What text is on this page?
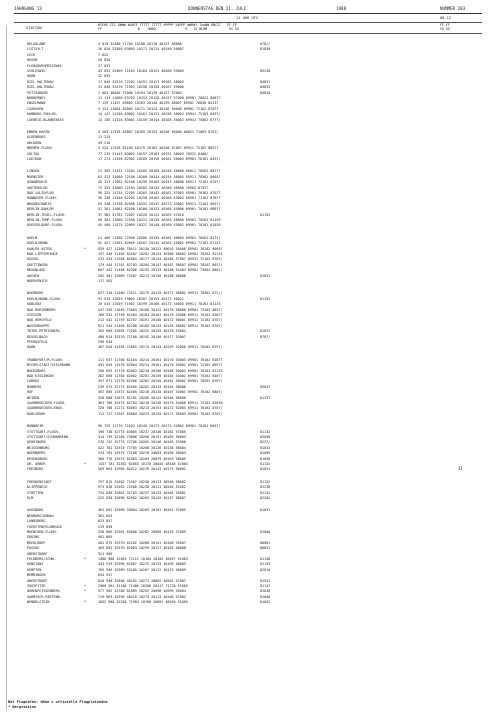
JAHRGANG 13	DONNERSTAG DEN 21. JULI	1988	NUMMER 203
12 UHR UTC	06-12
STATION
HIEHE III DWWW WOOFF TTTTT TTTTT HPPPP 5APPP WWRWY 7wwWW 8NCCC   FF-FF
FF                  W    HDDD               R   12 WLMM           VX GG
FF-FF
VX GG
HELGOLAND	4 015 32480 71704 10180 20110 40157 58008	678//
LISTSYLT	26 020 32580 63603 10171 20114 40156 56007	81830
LECK	7 022
HUSUM	20 026
FLENSBURGPREISWIK	27 033
SCHLESWIG	43 035 32569 72103 10184 20123 40160 59005	85230
HOHN	12 039
KIEL-HOLTENAU	17 045 32570 72202 10191 20123 40162 58005	84831
KIEL-HOLTENAU	31 046 32470 71903 10196 20150 40167 59006	84835
PUTTGARDEN	1 063 36040 72006 10194 20139 40157 57003	84810
NORDERNEY	11 113 11660 63703 10153 20128 40157 57008 69901 76022 86877
ENGELMANN	7 129 11457 63603 10163 20140 40159 58007 69901 76036 84137
CUXHAVEN	5 131 11664 83005 10171 20124 40146 56008 69901 72162 87077
HAMBURG-FUHLSB.	14 147 11256 83602 10161 20131 40158 56002 69941 75163 8497/
LUEBECK-BLANKENSEE	14 156 11310 83001 10159 20144 40166 56002 69941 75062 8777/
EMDEN-HAFEN	3 203 11318 83807 10165 20153 40158 56008 60021 71065 8767/
OLDENBURG	11 219
AHLHORN	49 216
BREMEN-FLUGH.	3 224 11328 82104 10179 20162 40158 57007 69911 72162 86577
SOLTAU	77 235 31445 83002 10197 20163 40152 58003 70522 8400/
LUECHOW	17 273 11356 82902 10209 20156 40162 56005 69901 70162 8497/
LINGEN	21 305 11432 72204 10205 20160 40156 56006 60011 70562 86277
MUENSTER	62 313 31660 72100 10200 20144 40154 56005 69911 70562 86037
OSNABRUECK	45 317 11962 82106 10199 20165 40153 58006 69911 72162 8707/
GUETERSLOH	72 323 31660 72104 10205 20132 40160 56006 70562 87537
BAD SALZUFLEN	98 325 11754 72205 10203 20142 40161 57003 69901 70162 87077
HANNOVER-FLUGH.	36 338 11440 82205 10190 20162 40160 53003 69901 71162 87877
BRAUNSCHWEIG	83 348 11750 82506 10192 20147 40173 53002 69911 72162 8657/
BERLIN-DAHLEM	51 381 11662 82208 10200 20133 40160 55006 69901 70162 88877
BERLIN-TEGEL-FLUGH.	37 382 32783 72407 10226 20124 40163 57010	81155
BERLIN-TEMP-FLUGH.	50 384 11660 72100 10221 20139 40165 58006 69901 70262 81159
DUESSELDORF-FLUGH.	45 400 11575 32009 10227 20140 40166 55002 69901 70162 81830
KOELN	21 406 11560 72508 10206 20155 40164 56005 69901 70562 8271/
KOELN/BONN	92 427 11563 82609 10207 20144 40165 55002 69901 72162 81153
KAHLER ASTEN	*	839 427 11366 78411 10150 20122 40610 55000 69901 70162 86657
BAD LIPPSPRINGE	157 430 11365 82507 10201 20124 40166 56002 69901 70262 81153
KASSEL	231 434 11958 82004 10177 20144 40166 57007 69931 72162 8707/
GOETTINGEN	179 444 11761 82703 10204 20147 40167 58007 69901 70262 8637/
BRAUNLAGE	607 452 11468 82306 10155 20133 40168 51003 69901 73062 8807/
AACHEN	202 501 32069 72307 10213 20150 40168 58006	81831
NOERVENICH	117 502
NUERBURG	627 510 11580 72511 10179 20119 40171 50002 69911 70362 872//
KOELN/BONN-FLUGH.	91 513 32659 79603 10207 20153 40172 50021	81152
KOBLENZ	70 515 11559 71901 10199 20166 40175 55005 69911 70162 81135
BAD MARIENBERG	547 526 11649 72004 10168 20122 40170 58006 69901 73162 8637/
GIESSEN	166 532 11750 81504 10184 20167 40176 53006 69911 70162 83077
BAD HERSFELD	212 542 11759 82707 10191 20150 40172 56001 69931 72162 8707/
WASSERKUPPE	921 544 11460 82208 10165 20143 40154 50002 69911 70162 8707/
TRIER-PETRISBERG	265 609 32665 72205 10222 20159 40176 53002	81637
DEUSELBACH	480 615 32570 72708 10192 20150 40177 52007	8707/
PFERDSFELD	296 626
HAHN	487 620 31555 72605 10174 20143 40159 52000 69911 70262 8757/
FRANKFURT/M-FLUGH.	111 637 11760 82104 10214 20161 40170 53003 69901 70162 82877
MICHELSTADT/VIELBRUNN	452 649 11570 82804 10214 20161 40170 53002 69901 72162 86577
WUERZBURG	268 655 11770 82603 10210 20166 40168 50002 69901 70162 81153
BAD KISSINGEN	262 658 11764 82002 10201 20159 40164 54002 69901 70162 8407/
COBURG	357 671 11770 82306 10202 20150 40161 50002 69901 70262 8707/
BAMBERG	239 675 32775 81605 10202 20113 40164 58006	83037
HOF	567 685 11975 82405 10216 20110 40167 53003 69901 70162 8807/
WEIDEN	438 688 32675 82701 10205 20122 40164 56006	81137
SAARBRUECKEN-FLUGH.	363 706 42575 62704 10210 20136 40174 54006 69911 73162 83030
SAARBRUECKEN-ENSH.	320 708 11272 82603 10213 20153 40172 52003 69911 70162 8707/
KARLSRUHE	112 727 11567 83004 10223 20155 40171 55003 69901 70162 8707/
MANNHEIM	96 729 11770 72203 10240 20173 40173 54002 69901 70162 8057/
STUTTGART-FLUGH.	396 738 32775 83005 10237 20136 40161 57005	81132
STUTTGART/SCHNARRENB.	314 739 32780 73006 10268 20137 40169 56003	83048
OEHRINGEN	276 742 32775 72706 10265 20146 40163 57008	8237/
WEISSENBURG	422 781 32975 72705 10268 20126 40156 56004	81032
NUERNBERG	314 763 32975 72108 10278 20083 40160 58003	81009
REGENSBURG	366 776 32975 81803 10269 20079 40163 58009	81030
GR. ARBER	*	1437 781 32362 62603 10170 20044 48548 52004	81132
FREIBURG	269 803 32980 82412 10276 20143 40175 56002	81031
FREUDENSTADT	797 815 32602 72407 10230 20123 48546 58002	81132
KLIPPENECK	973 818 32562 72506 10238 20111 48546 51002	81238
STOETTEN	734 836 32661 32703 10237 20133 40165 53001	81132
ULM	522 838 32890 82902 10265 20145 40157 58007	82202
AUGSBURG	461 852 32980 33004 10269 20107 40161 57005	81031
NEUBURG/DONAU	381 853
LANDSBERG	623 857
FUERSTENFELDBRUCK	519 858
MUENCHEN-FLUGH.	530 866 32962 63006 10282 20089 40153 57009	81048
ERDING	462 869
MUEHLDORF	401 875 32970 62202 10268 20141 40166 55007	80001
PASSAU	409 893 32970 82003 10259 20127 40163 58008	80031
OBERSTDORF	921 900
FELDBERG/SCHW.	*	1486 908 32463 72111 10184 20103 40557 51003	81148
KONSTANZ	443 929 32990 61807 10275 20133 40169 58003	81143
KEMPTEN	705 946 32989 53105 10267 20122 40174 56009	82010
MEMMINGEN	634 947
OBERSTDORF	810 948 32686 40102 10271 20062 40562 57007	81531
ZUGSPITZE	*	2960 961 32186 72406 10208 20117 71728 51003	81147
HOHENPEISSENBERG	*	977 962 32780 81809 10252 20098 40599 55004	81038
GARMISCH-PARTENK.	719 963 32590 40410 10274 20113 40160 57002	81046
WENDELSTEIN	*	1832 980 32284 72904 10190 20091 48550 51003	81052
31
Bei Flughäfen: Höhe = offizielle Flugplatzhöhe
* Bergstation
